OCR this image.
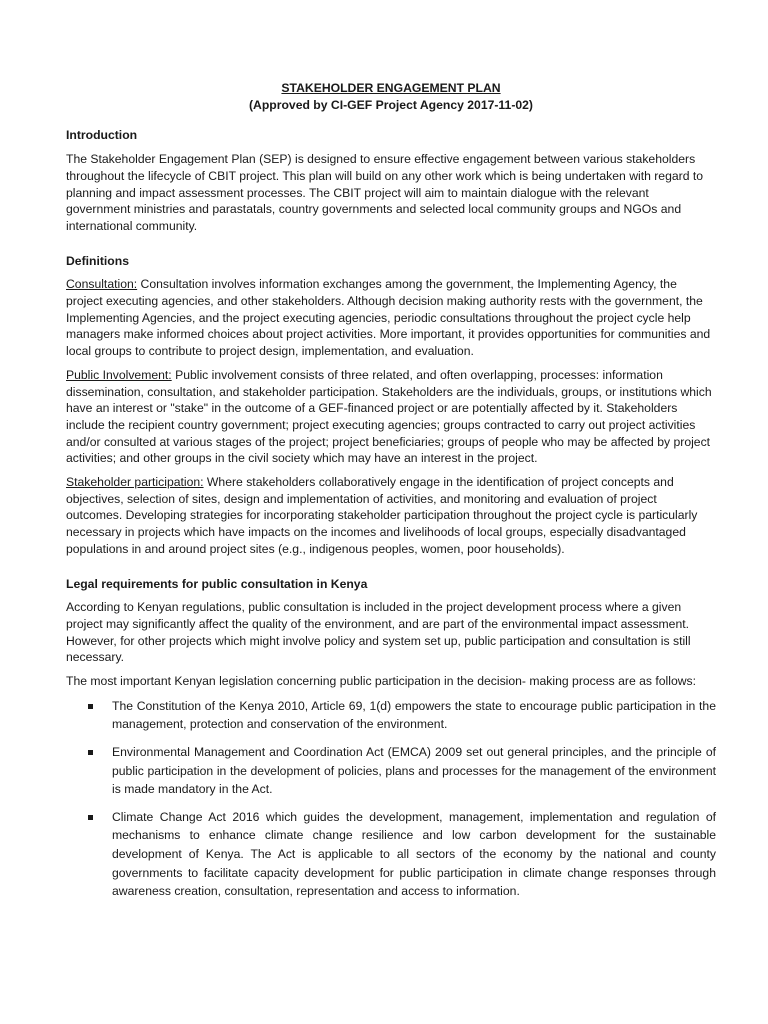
STAKEHOLDER ENGAGEMENT PLAN
(Approved by CI-GEF Project Agency 2017-11-02)
Introduction

The Stakeholder Engagement Plan (SEP) is designed to ensure effective engagement between various stakeholders throughout the lifecycle of CBIT project. This plan will build on any other work which is being undertaken with regard to planning and impact assessment processes. The CBIT project will aim to maintain dialogue with the relevant government ministries and parastatals, country governments and selected local community groups and NGOs and international community.

Definitions

Consultation: Consultation involves information exchanges among the government, the Implementing Agency, the project executing agencies, and other stakeholders. Although decision making authority rests with the government, the Implementing Agencies, and the project executing agencies, periodic consultations throughout the project cycle help managers make informed choices about project activities. More important, it provides opportunities for communities and local groups to contribute to project design, implementation, and evaluation.

Public Involvement: Public involvement consists of three related, and often overlapping, processes: information dissemination, consultation, and stakeholder participation. Stakeholders are the individuals, groups, or institutions which have an interest or "stake" in the outcome of a GEF-financed project or are potentially affected by it. Stakeholders include the recipient country government; project executing agencies; groups contracted to carry out project activities and/or consulted at various stages of the project; project beneficiaries; groups of people who may be affected by project activities; and other groups in the civil society which may have an interest in the project.

Stakeholder participation: Where stakeholders collaboratively engage in the identification of project concepts and objectives, selection of sites, design and implementation of activities, and monitoring and evaluation of project outcomes. Developing strategies for incorporating stakeholder participation throughout the project cycle is particularly necessary in projects which have impacts on the incomes and livelihoods of local groups, especially disadvantaged populations in and around project sites (e.g., indigenous peoples, women, poor households).

Legal requirements for public consultation in Kenya

According to Kenyan regulations, public consultation is included in the project development process where a given project may significantly affect the quality of the environment, and are part of the environmental impact assessment. However, for other projects which might involve policy and system set up, public participation and consultation is still necessary.

The most important Kenyan legislation concerning public participation in the decision- making process are as follows:

The Constitution of the Kenya 2010, Article 69, 1(d) empowers the state to encourage public participation in the management, protection and conservation of the environment.
Environmental Management and Coordination Act (EMCA) 2009 set out general principles, and the principle of public participation in the development of policies, plans and processes for the management of the environment is made mandatory in the Act.
Climate Change Act 2016 which guides the development, management, implementation and regulation of mechanisms to enhance climate change resilience and low carbon development for the sustainable development of Kenya. The Act is applicable to all sectors of the economy by the national and county governments to facilitate capacity development for public participation in climate change responses through awareness creation, consultation, representation and access to information.
